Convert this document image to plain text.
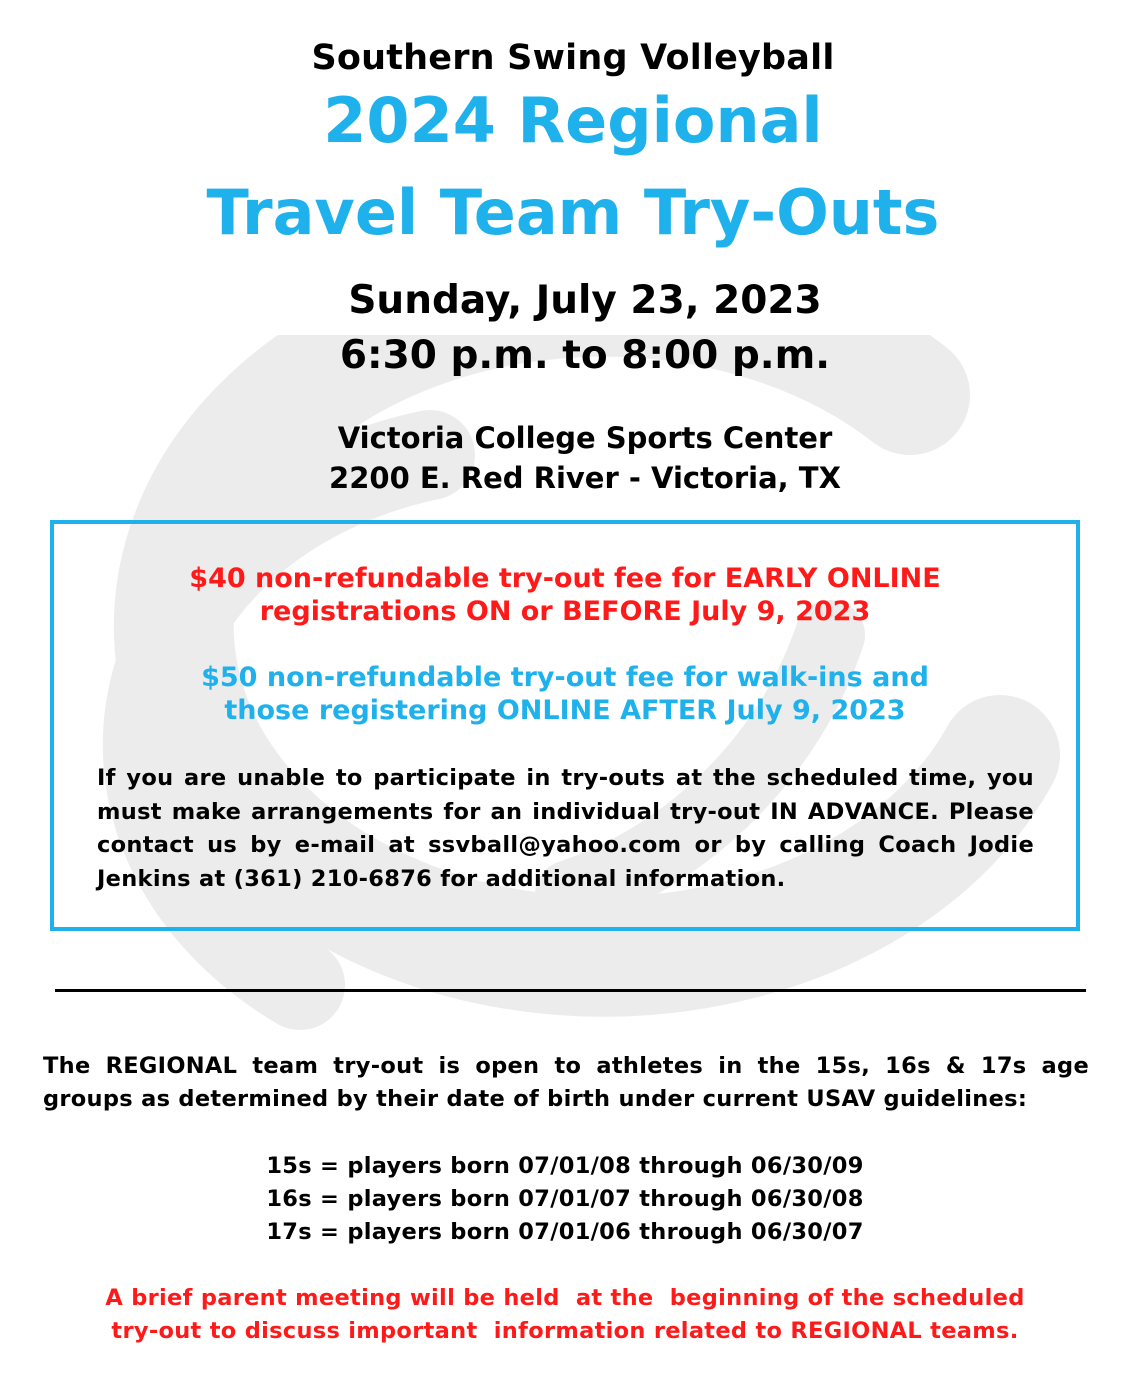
Southern Swing Volleyball
2024 Regional
Travel Team Try-Outs
Sunday, July 23, 2023
6:30 p.m. to 8:00 p.m.
Victoria College Sports Center
2200 E. Red River - Victoria, TX
$40 non-refundable try-out fee for EARLY ONLINE
registrations ON or BEFORE July 9, 2023
$50 non-refundable try-out fee for walk-ins and
those registering ONLINE AFTER July 9, 2023
If you are unable to participate in try-outs at the scheduled time, you must make arrangements for an individual try-out IN ADVANCE. Please contact us by e-mail at ssvball@yahoo.com or by calling Coach Jodie Jenkins at (361) 210-6876 for additional information.
The REGIONAL team try-out is open to athletes in the 15s, 16s & 17s age groups as determined by their date of birth under current USAV guidelines:
15s = players born 07/01/08 through 06/30/09
16s = players born 07/01/07 through 06/30/08
17s = players born 07/01/06 through 06/30/07
A brief parent meeting will be held  at the  beginning of the scheduled
try-out to discuss important  information related to REGIONAL teams.
